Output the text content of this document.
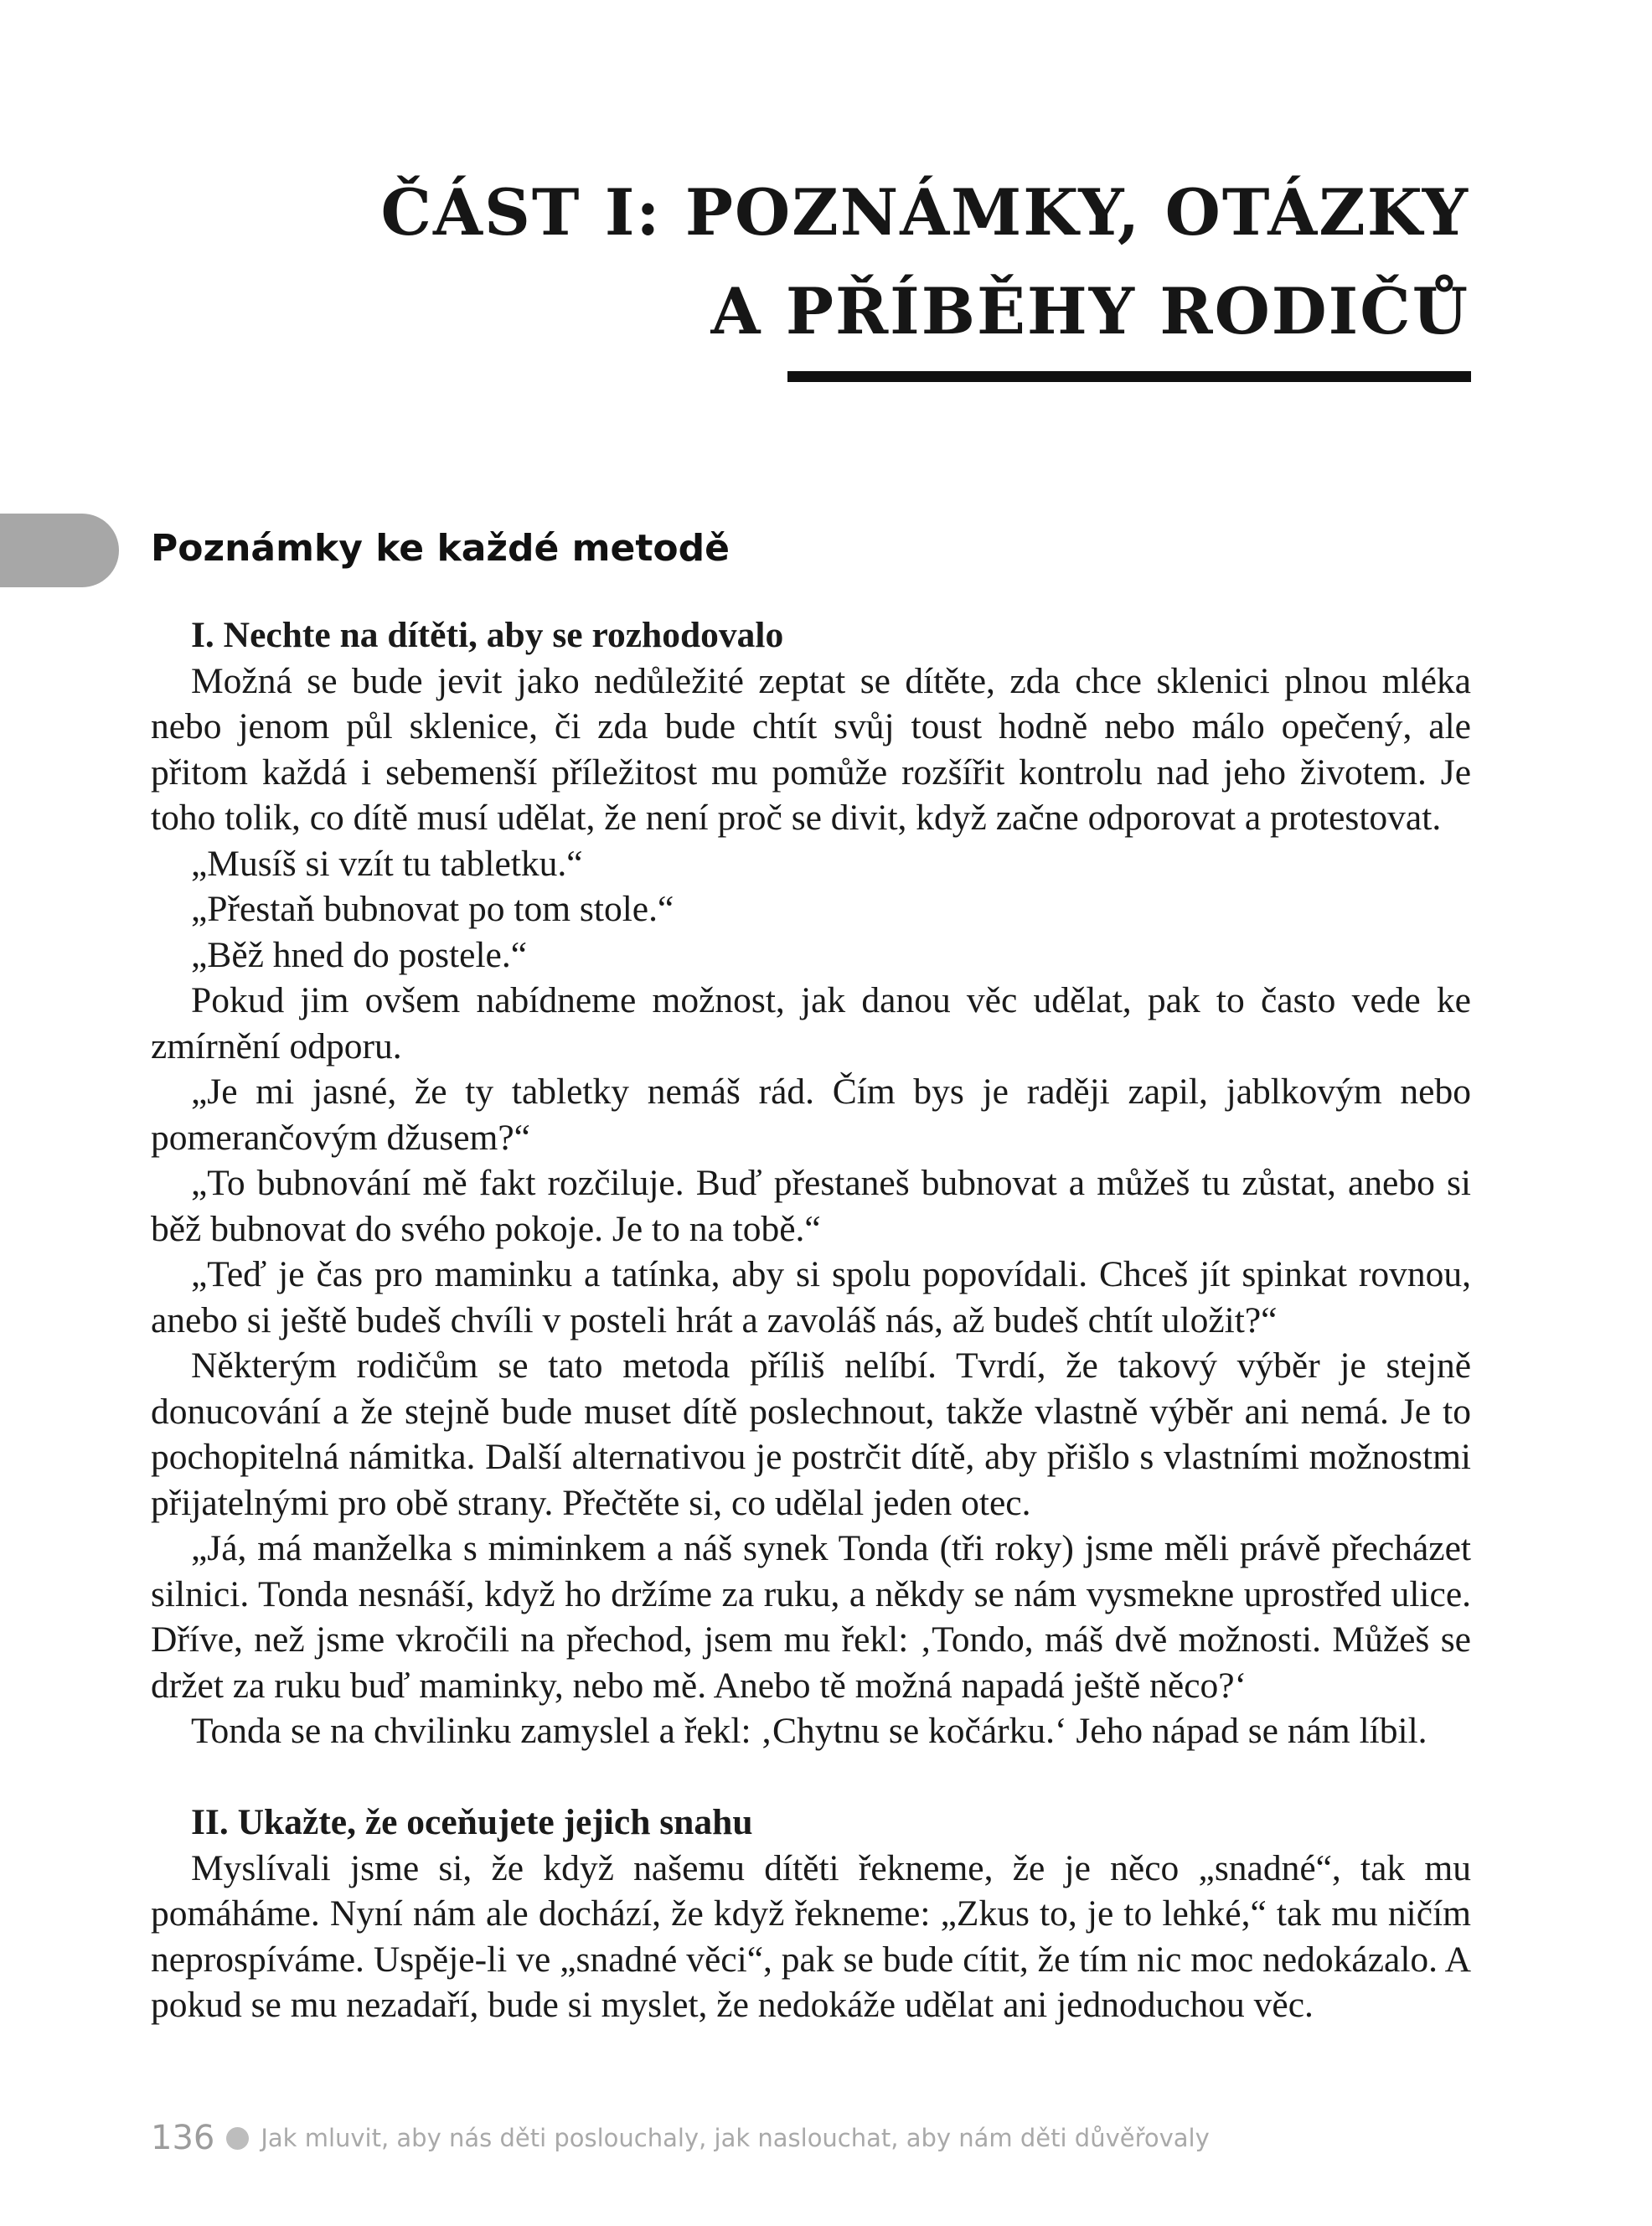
ČÁST I: POZNÁMKY, OTÁZKY
A PŘÍBĚHY RODIČŮ
Poznámky ke každé metodě
I. Nechte na dítěti, aby se rozhodovalo

Možná se bude jevit jako nedůležité zeptat se dítěte, zda chce sklenici plnou mléka nebo jenom půl sklenice, či zda bude chtít svůj toust hodně nebo málo opečený, ale přitom každá i sebemenší příležitost mu pomůže rozšířit kontrolu nad jeho životem. Je toho tolik, co dítě musí udělat, že není proč se divit, když začne odporovat a protestovat.

„Musíš si vzít tu tabletku.“

„Přestaň bubnovat po tom stole.“

„Běž hned do postele.“

Pokud jim ovšem nabídneme možnost, jak danou věc udělat, pak to často vede ke zmírnění odporu.

„Je mi jasné, že ty tabletky nemáš rád. Čím bys je raději zapil, jablkovým nebo pomerančovým džusem?“

„To bubnování mě fakt rozčiluje. Buď přestaneš bubnovat a můžeš tu zůstat, anebo si běž bubnovat do svého pokoje. Je to na tobě.“

„Teď je čas pro maminku a tatínka, aby si spolu popovídali. Chceš jít spinkat rovnou, anebo si ještě budeš chvíli v posteli hrát a zavoláš nás, až budeš chtít uložit?“

Některým rodičům se tato metoda příliš nelíbí. Tvrdí, že takový výběr je stejně donucování a že stejně bude muset dítě poslechnout, takže vlastně výběr ani nemá. Je to pochopitelná námitka. Další alternativou je postrčit dítě, aby přišlo s vlastními možnostmi přijatelnými pro obě strany. Přečtěte si, co udělal jeden otec.

„Já, má manželka s miminkem a náš synek Tonda (tři roky) jsme měli právě přecházet silnici. Tonda nesnáší, když ho držíme za ruku, a někdy se nám vysmekne uprostřed ulice. Dříve, než jsme vkročili na přechod, jsem mu řekl: ‚Tondo, máš dvě možnosti. Můžeš se držet za ruku buď maminky, nebo mě. Anebo tě možná napadá ještě něco?‘

Tonda se na chvilinku zamyslel a řekl: ‚Chytnu se kočárku.‘ Jeho nápad se nám líbil.

II. Ukažte, že oceňujete jejich snahu

Myslívali jsme si, že když našemu dítěti řekneme, že je něco „snadné“, tak mu pomáháme. Nyní nám ale dochází, že když řekneme: „Zkus to, je to lehké,“ tak mu ničím neprospíváme. Uspěje-li ve „snadné věci“, pak se bude cítit, že tím nic moc nedokázalo. A pokud se mu nezadaří, bude si myslet, že nedokáže udělat ani jednoduchou věc.

136 Jak mluvit, aby nás děti poslouchaly, jak naslouchat, aby nám děti důvěřovaly
